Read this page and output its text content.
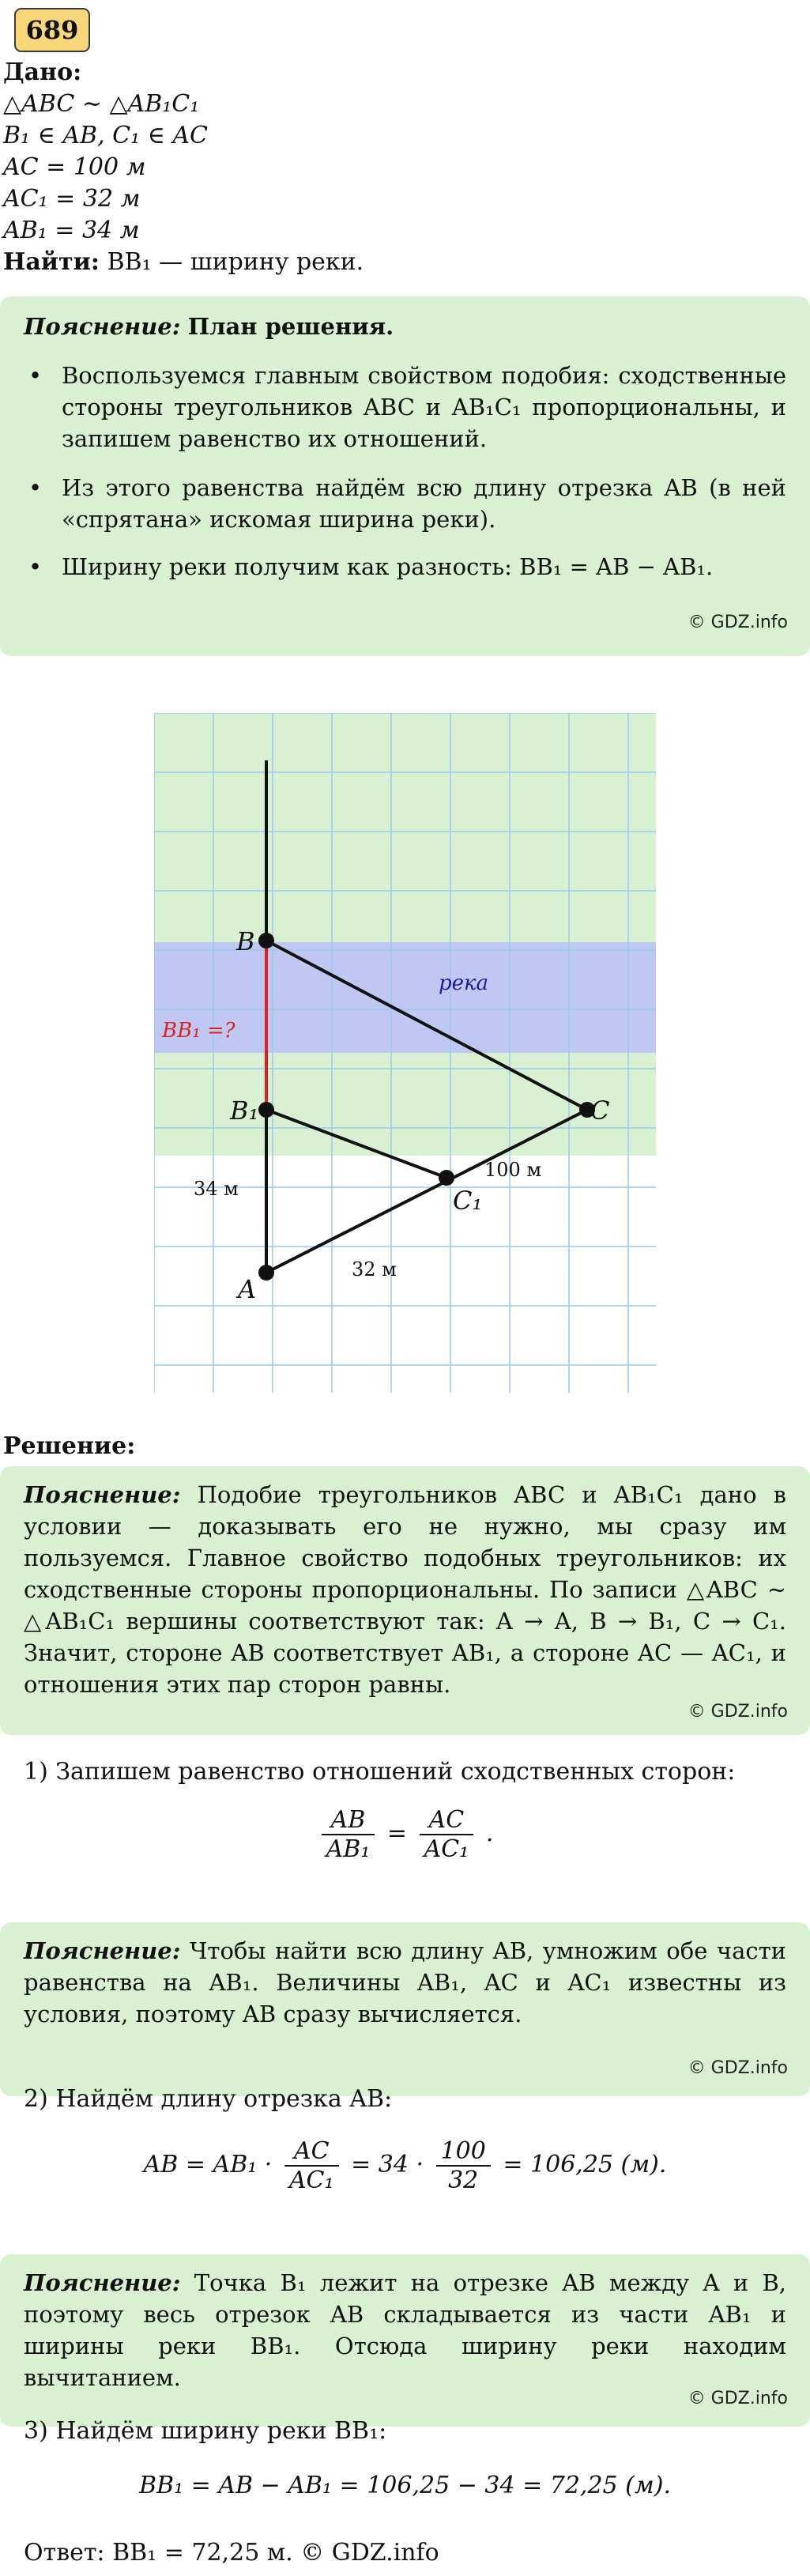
689
Дано:
△ABC ∼ △AB₁C₁
B₁ ∈ AB, C₁ ∈ AC
AC = 100 м
AC₁ = 32 м
AB₁ = 34 м
Найти: BB₁ — ширину реки.
Пояснение: План решения.
• Воспользуемся главным свойством подобия: сходственные стороны треугольников ABC и AB₁C₁ пропорциональны, и запишем равенство их отношений.
• Из этого равенства найдём всю длину отрезка AB (в ней «спрятана» искомая ширина реки).
• Ширину реки получим как разность: BB₁ = AB − AB₁.
© GDZ.info
B
B₁
A
C
C₁
река
BB₁ =?
34 м
32 м
100 м
Решение:
Пояснение: Подобие треугольников ABC и AB₁C₁ дано в условии — доказывать его не нужно, мы сразу им пользуемся. Главное свойство подобных треугольников: их сходственные стороны пропорциональны. По записи △ABC ∼ △AB₁C₁ вершины соответствуют так: A → A, B → B₁, C → C₁. Значит, стороне AB соответствует AB₁, а стороне AC — AC₁, и отношения этих пар сторон равны.
© GDZ.info
1) Запишем равенство отношений сходственных сторон:
$\frac{AB}{\text{AB₁}} = \frac{AC}{\text{AC₁}}$ .
Пояснение: Чтобы найти всю длину AB, умножим обе части равенства на AB₁. Величины AB₁, AC и AC₁ известны из условия, поэтому AB сразу вычисляется.
© GDZ.info
2) Найдём длину отрезка AB:
AB = $AB_1 \cdot \frac{AC}{\text{AC₁}} = 34 \cdot \frac{100}{32} = 106,25$ (м).
Пояснение: Точка B₁ лежит на отрезке AB между A и B, поэтому весь отрезок AB складывается из части AB₁ и ширины реки BB₁. Отсюда ширину реки находим вычитанием.
© GDZ.info
3) Найдём ширину реки BB₁:
BB₁ = AB − AB₁ = 106,25 − 34 = 72,25 (м).
Ответ: BB₁ = 72,25 м. © GDZ.info
